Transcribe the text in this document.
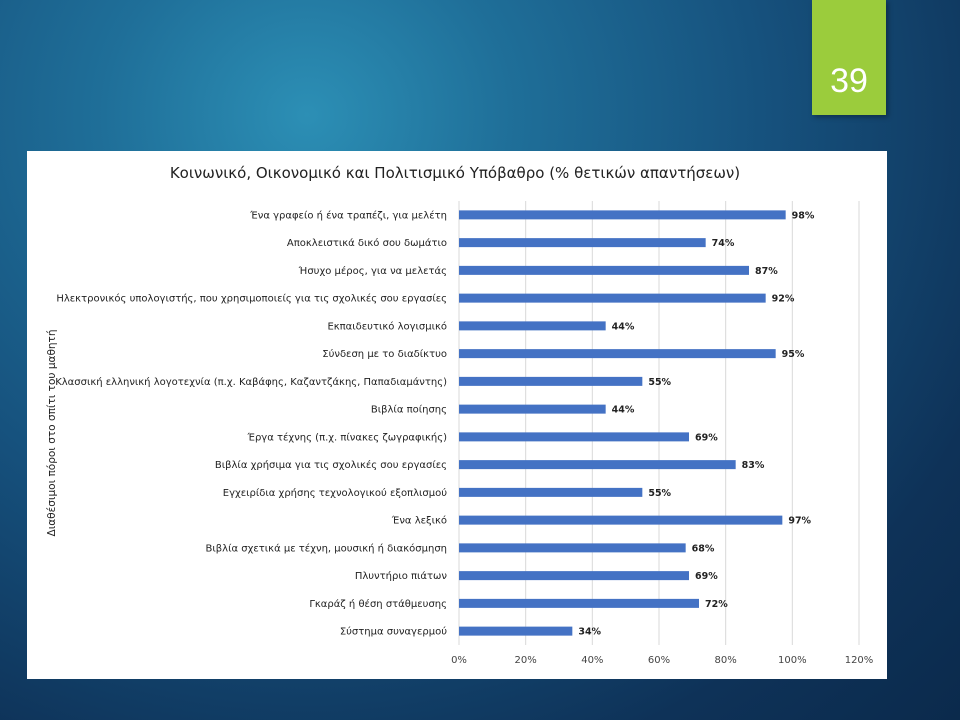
39
Κοινωνικό, Οικονομικό και Πολιτισμικό Υπόβαθρο (% θετικών απαντήσεων)
Διαθέσιμοι πόροι στο σπίτι του μαθητή
Ένα γραφείο ή ένα τραπέζι, για μελέτη
Αποκλειστικά δικό σου δωμάτιο
Ήσυχο μέρος, για να μελετάς
Ηλεκτρονικός υπολογιστής, που χρησιμοποιείς για τις σχολικές σου εργασίες
Εκπαιδευτικό λογισμικό
Σύνδεση με το διαδίκτυο
Κλασσική ελληνική λογοτεχνία (π.χ. Καβάφης, Καζαντζάκης, Παπαδιαμάντης)
Βιβλία ποίησης
Έργα τέχνης (π.χ. πίνακες ζωγραφικής)
Βιβλία χρήσιμα για τις σχολικές σου εργασίες
Εγχειρίδια χρήσης τεχνολογικού εξοπλισμού
Ένα λεξικό
Βιβλία σχετικά με τέχνη, μουσική ή διακόσμηση
Πλυντήριο πιάτων
Γκαράζ ή θέση στάθμευσης
Σύστημα συναγερμού
98%
74%
87%
92%
44%
95%
55%
44%
69%
83%
55%
97%
68%
69%
72%
34%
0%	20%	40%	60%	80%	100%	120%
